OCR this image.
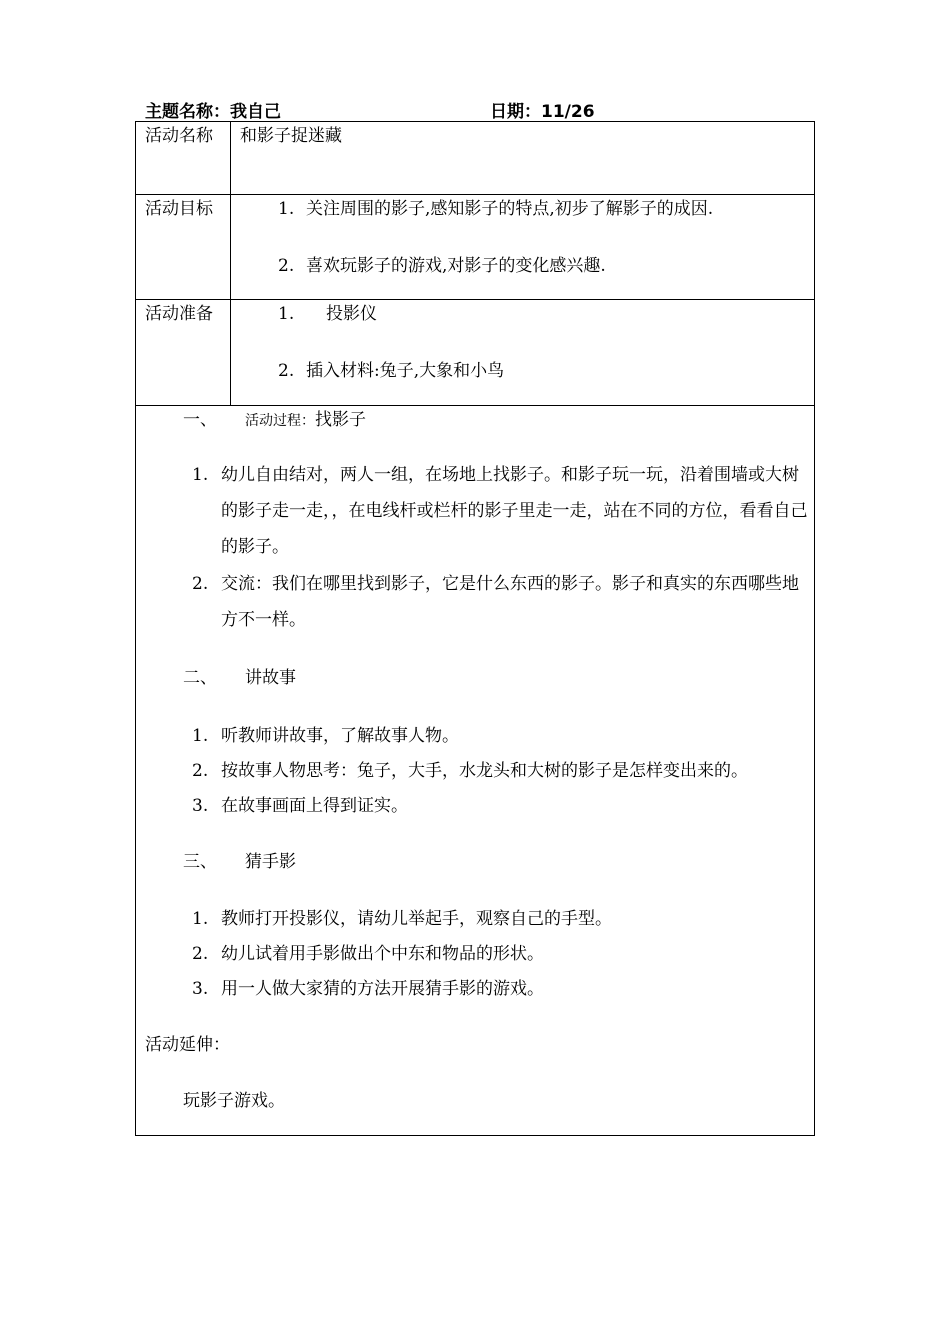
主题名称：我自己	日期：11/26
活动名称 和影子捉迷藏
活动目标	1. 关注周围的影子,感知影子的特点,初步了解影子的成因.
2. 喜欢玩影子的游戏,对影子的变化感兴趣.
活动准备	1. 投影仪
2. 插入材料:兔子,大象和小鸟
一、 活动过程：找影子
1. 幼儿自由结对，两人一组，在场地上找影子。和影子玩一玩，沿着围墙或大树的影子走一走，，在电线杆或栏杆的影子里走一走，站在不同的方位，看看自己的影子。
2. 交流：我们在哪里找到影子，它是什么东西的影子。影子和真实的东西哪些地方不一样。
二、 讲故事
1. 听教师讲故事，了解故事人物。
2. 按故事人物思考：兔子，大手，水龙头和大树的影子是怎样变出来的。
3. 在故事画面上得到证实。
三、 猜手影
1. 教师打开投影仪，请幼儿举起手，观察自己的手型。
2. 幼儿试着用手影做出个中东和物品的形状。
3. 用一人做大家猜的方法开展猜手影的游戏。
活动延伸：
玩影子游戏。
